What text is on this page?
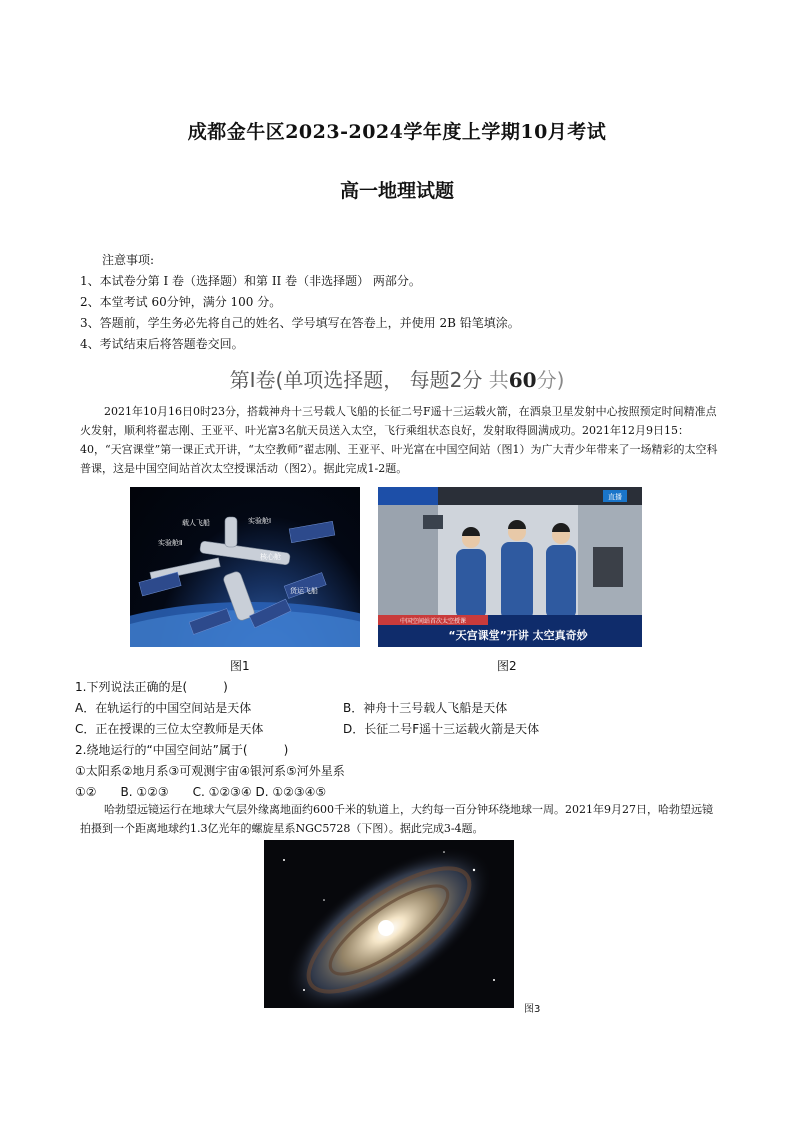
成都金牛区2023-2024学年度上学期10月考试
高一地理试题
注意事项:
1、本试卷分第 I 卷（选择题）和第 II 卷（非选择题） 两部分。
2、本堂考试 60分钟，满分 100 分。
3、答题前，学生务必先将自己的姓名、学号填写在答卷上，并使用 2B 铅笔填涂。
4、考试结束后将答题卷交回。
第Ⅰ卷(单项选择题， 每题2分 共60分)
2021年10月16日0时23分，搭载神舟十三号载人飞船的长征二号F遥十三运载火箭，在酒泉卫星发射中心按照预定时间精准点火发射，顺利将翟志刚、王亚平、叶光富3名航天员送入太空，飞行乘组状态良好，发射取得圆满成功。2021年12月9日15：40，“天宫课堂”第一课正式开讲，“太空教师”翟志刚、王亚平、叶光富在中国空间站（图1）为广大青少年带来了一场精彩的太空科普课，这是中国空间站首次太空授课活动（图2）。据此完成1-2题。
载人飞船	实验舱Ⅰ
实验舱Ⅱ
核心舱
货运飞船
直播
中国空间站首次太空授课
“天宫课堂”开讲 太空真奇妙
图1	图2
1.下列说法正确的是(　　　)
A．在轨运行的中国空间站是天体	B．神舟十三号载人飞船是天体
C．正在授课的三位太空教师是天体	D．长征二号F遥十三运载火箭是天体
2.绕地运行的“中国空间站”属于(　　　)
①太阳系②地月系③可观测宇宙④银河系⑤河外星系
①②　　B. ①②③　　C. ①②③④ D. ①②③④⑤
哈勃望远镜运行在地球大气层外缘离地面约600千米的轨道上，大约每一百分钟环绕地球一周。2021年9月27日，哈勃望远镜拍摄到一个距离地球约1.3亿光年的螺旋星系NGC5728（下图）。据此完成3-4题。
图3
